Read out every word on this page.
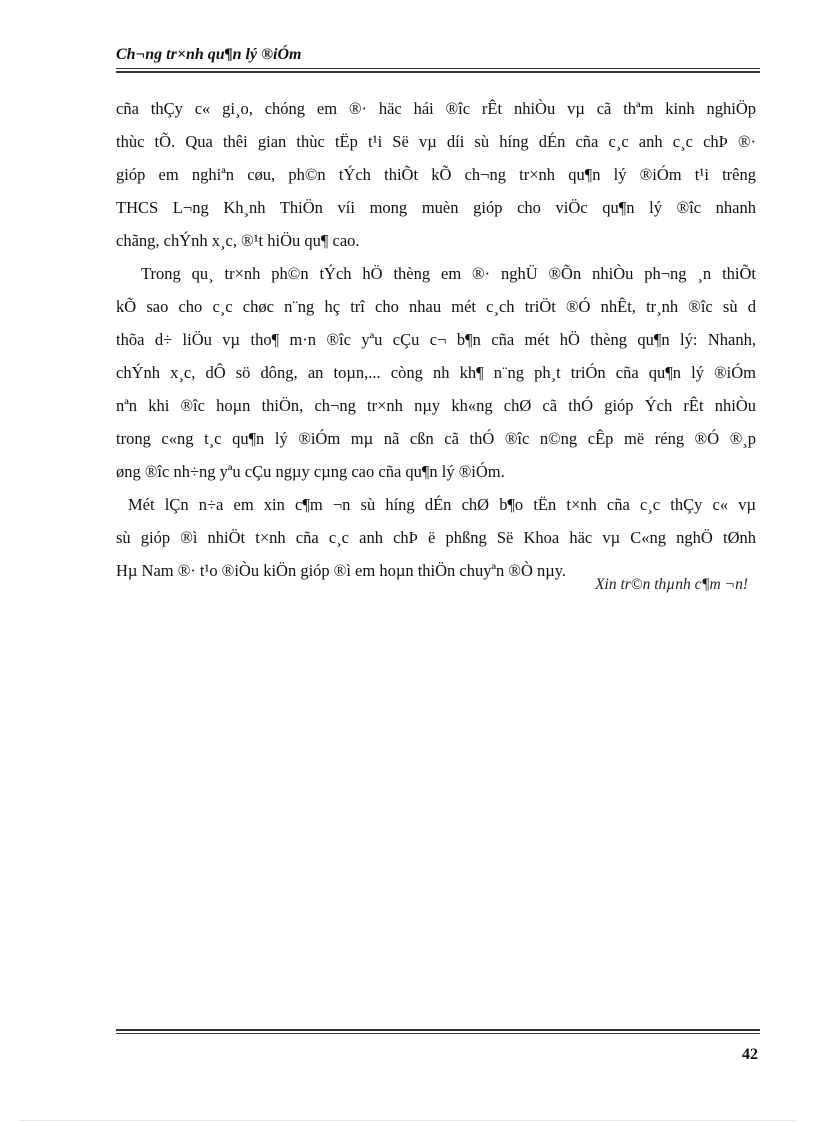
Ch¬ng tr×nh qu¶n lý ®iÓm
cña thÇy c« gi¸o, chóng em ®· häc hái ®îc rÊt nhiÒu vµ cã thªm kinh nghiÖp
thùc tÕ. Qua thêi gian thùc tËp t¹i Së vµ díi sù híng dÉn cña c¸c anh c¸c chÞ ®·
gióp em nghiªn cøu, ph©n tÝch thiÕt kÕ ch¬ng tr×nh qu¶n lý ®iÓm t¹i trêng
THCS L¬ng Kh¸nh ThiÖn víi mong muèn gióp cho viÖc qu¶n lý ®îc nhanh
chãng, chÝnh x¸c, ®¹t hiÖu qu¶ cao.
Trong qu¸ tr×nh ph©n tÝch hÖ thèng em ®· nghÜ ®Õn nhiÒu ph¬ng ¸n thiÕt
kÕ sao cho c¸c chøc n¨ng hç trî cho nhau mét c¸ch triÖt ®Ó nhÊt, tr¸nh ®îc sù d
thõa d÷ liÖu vµ tho¶ m·n ®îc yªu cÇu c¬ b¶n cña mét hÖ thèng qu¶n lý: Nhanh,
chÝnh x¸c, dÔ sö dông, an toµn,... còng nh kh¶ n¨ng ph¸t triÓn cña qu¶n lý ®iÓm
nªn khi ®îc hoµn thiÖn, ch¬ng tr×nh nµy kh«ng chØ cã thÓ gióp Ých rÊt nhiÒu
trong c«ng t¸c qu¶n lý ®iÓm mµ nã cßn cã thÓ ®îc n©ng cÊp më réng ®Ó ®¸p
øng ®îc nh÷ng yªu cÇu ngµy cµng cao cña qu¶n lý ®iÓm.
Mét lÇn n÷a em xin c¶m ¬n sù híng dÉn chØ b¶o tËn t×nh cña c¸c thÇy c« vµ
sù gióp ®ì nhiÖt t×nh cña c¸c anh chÞ ë phßng Së Khoa häc vµ C«ng nghÖ tØnh
Hµ Nam ®· t¹o ®iÒu kiÖn gióp ®ì em hoµn thiÖn chuyªn ®Ò nµy.
Xin tr©n thµnh c¶m ¬n!
42
